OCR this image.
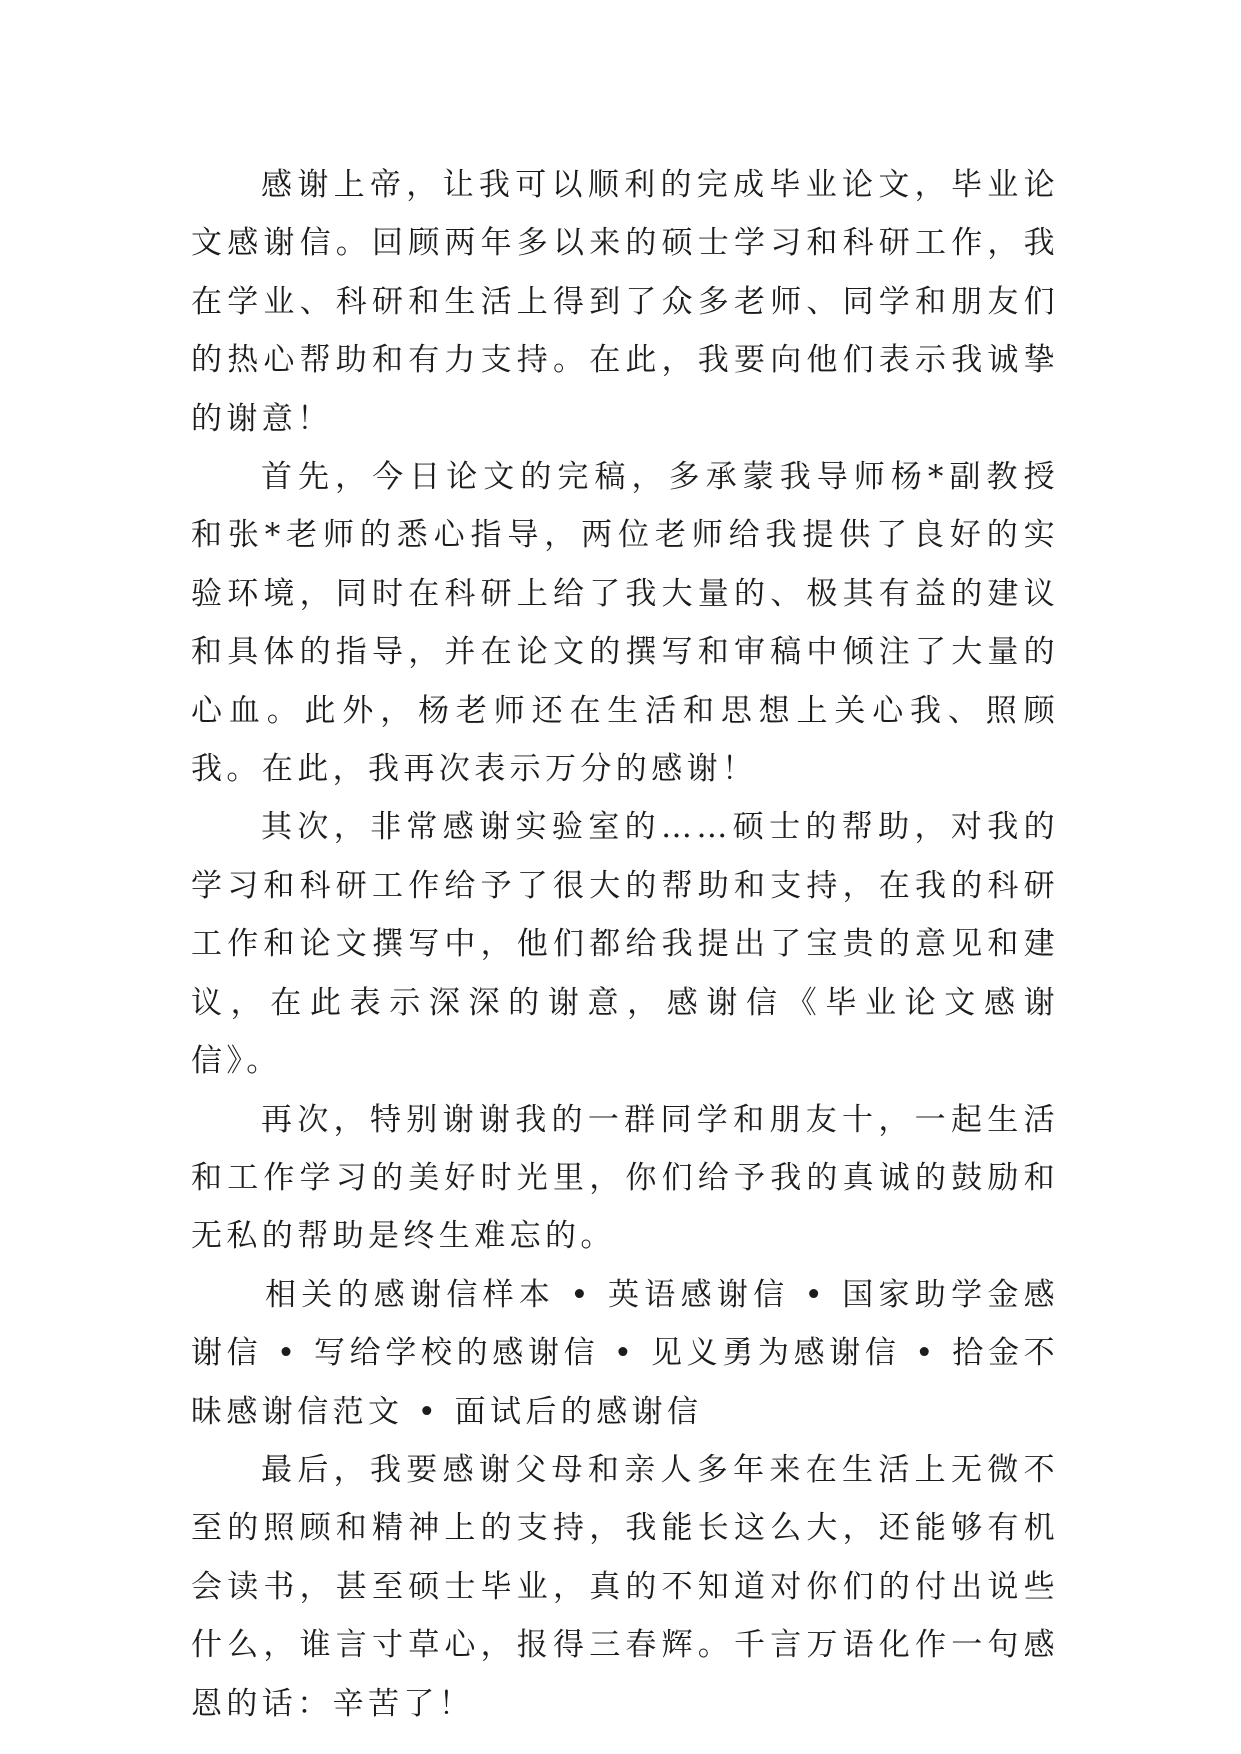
感谢上帝，让我可以顺利的完成毕业论文，毕业论文感谢信。回顾两年多以来的硕士学习和科研工作，我在学业、科研和生活上得到了众多老师、同学和朋友们的热心帮助和有力支持。在此，我要向他们表示我诚挚的谢意！

首先，今日论文的完稿，多承蒙我导师杨*副教授和张*老师的悉心指导，两位老师给我提供了良好的实验环境，同时在科研上给了我大量的、极其有益的建议和具体的指导，并在论文的撰写和审稿中倾注了大量的心血。此外，杨老师还在生活和思想上关心我、照顾我。在此，我再次表示万分的感谢！

其次，非常感谢实验室的……硕士的帮助，对我的学习和科研工作给予了很大的帮助和支持，在我的科研工作和论文撰写中，他们都给我提出了宝贵的意见和建议，在此表示深深的谢意，感谢信《毕业论文感谢信》。

再次，特别谢谢我的一群同学和朋友十，一起生活和工作学习的美好时光里，你们给予我的真诚的鼓励和无私的帮助是终生难忘的。

相关的感谢信样本 • 英语感谢信 • 国家助学金感谢信 • 写给学校的感谢信 • 见义勇为感谢信 • 拾金不昧感谢信范文 • 面试后的感谢信

最后，我要感谢父母和亲人多年来在生活上无微不至的照顾和精神上的支持，我能长这么大，还能够有机会读书，甚至硕士毕业，真的不知道对你们的付出说些什么，谁言寸草心，报得三春辉。千言万语化作一句感恩的话：辛苦了！
